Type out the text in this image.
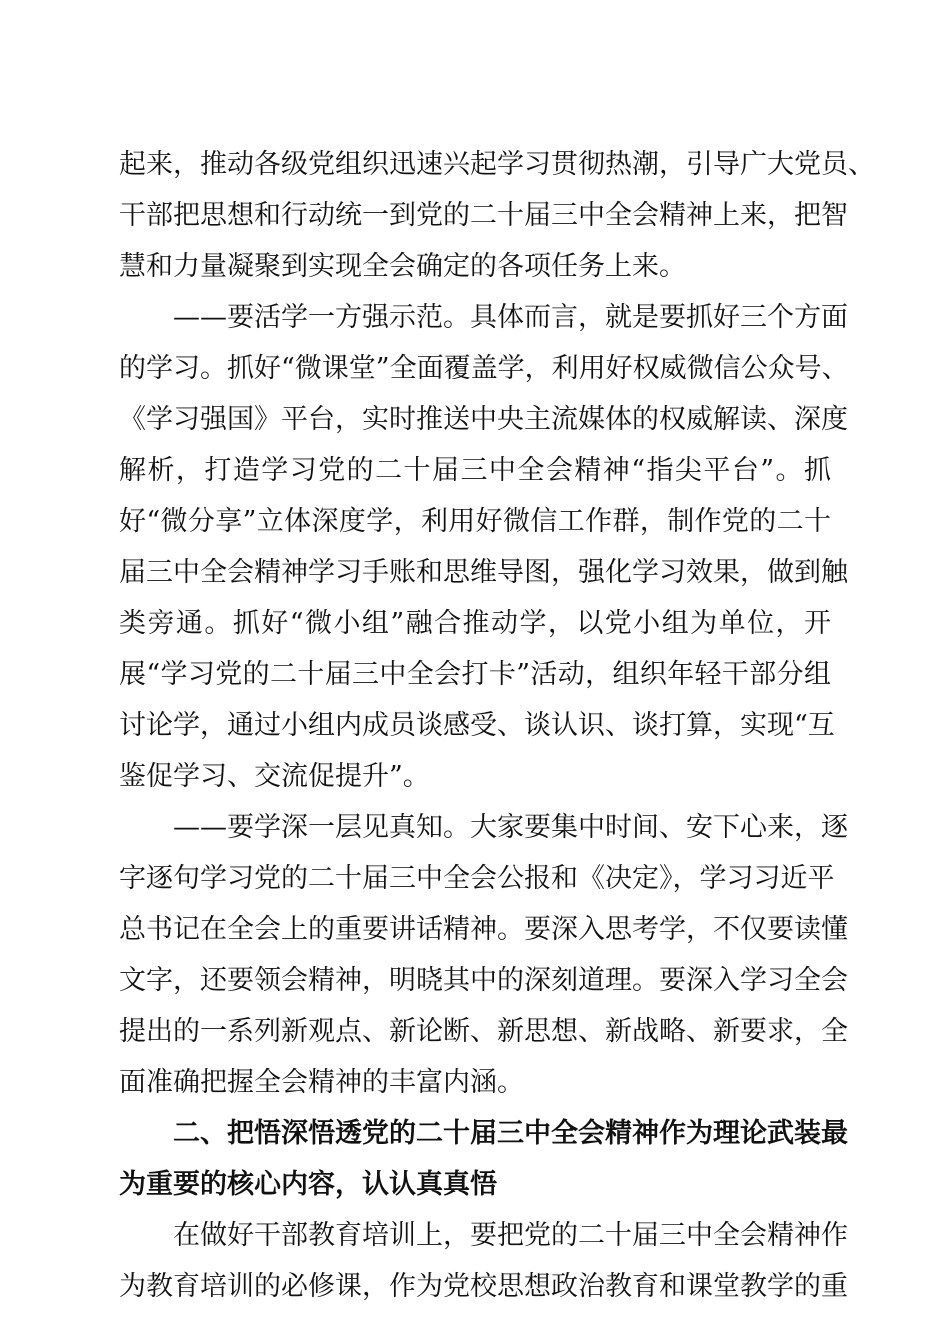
起来，推动各级党组织迅速兴起学习贯彻热潮，引导广大党员、
干部把思想和行动统一到党的二十届三中全会精神上来，把智
慧和力量凝聚到实现全会确定的各项任务上来。
——要活学一方强示范。具体而言，就是要抓好三个方面
的学习。抓好“微课堂”全面覆盖学，利用好权威微信公众号、
《学习强国》平台，实时推送中央主流媒体的权威解读、深度
解析，打造学习党的二十届三中全会精神“指尖平台”。抓
好“微分享”立体深度学，利用好微信工作群，制作党的二十
届三中全会精神学习手账和思维导图，强化学习效果，做到触
类旁通。抓好“微小组”融合推动学，以党小组为单位，开
展“学习党的二十届三中全会打卡”活动，组织年轻干部分组
讨论学，通过小组内成员谈感受、谈认识、谈打算，实现“互
鉴促学习、交流促提升”。
——要学深一层见真知。大家要集中时间、安下心来，逐
字逐句学习党的二十届三中全会公报和《决定》，学习习近平
总书记在全会上的重要讲话精神。要深入思考学，不仅要读懂
文字，还要领会精神，明晓其中的深刻道理。要深入学习全会
提出的一系列新观点、新论断、新思想、新战略、新要求，全
面准确把握全会精神的丰富内涵。
二、把悟深悟透党的二十届三中全会精神作为理论武装最
为重要的核心内容，认认真真悟
在做好干部教育培训上，要把党的二十届三中全会精神作
为教育培训的必修课，作为党校思想政治教育和课堂教学的重
